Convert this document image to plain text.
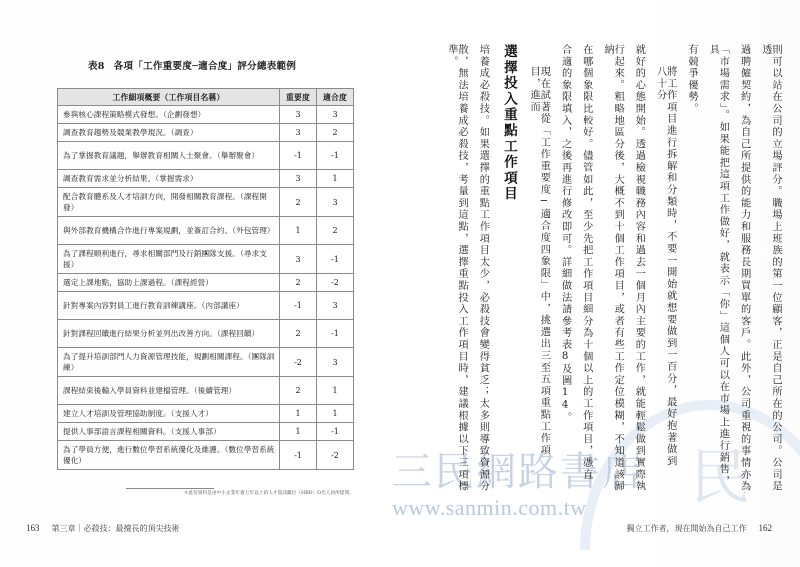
民
表8 各項「工作重要度─適合度」評分總表範例
工作細項概要（工作項目名稱）	重要度	適合度
參與核心課程策略模式發想。（企劃發想）	3	3
調查教育趨勢及競業教學現況。（調查）	3	2
為了掌握教育議題，舉辦教育相關人士聚會。（舉辦聚會）	-1	-1
調查教育需求並分析結果。（掌握需求）	3	1
配合教育體系及人才培訓方向，開發相關教育課程。（課程開發）	2	3
與外部教育機構合作進行專案規劃，並簽訂合約。（外包管理）	1	2
為了課程順利進行，尋求相關部門及行銷團隊支援。（尋求支援）	3	-1
選定上課地點，協助上課過程。（課程經營）	2	-2
針對專案內容對員工進行教育訓練講座。（內部講座）	-1	3
針對課程回饋進行結果分析並列出改善方向。（課程回饋）	2	-1
為了提升培訓部門人力資源管理技能，規劃相關課程。（團隊訓練）	-2	3
課程結束後輸入學員資料並建檔管理。（後續管理）	2	1
建立人才培訓及管理協助制度。（支援人才）	1	1
提供人事部語言課程相關資料。（支援人事部）	1	-1
為了學員方便，進行數位學習系統優化及維護。（數位學習系統優化）	-1	-2
＊此份資料是由中小企業年資七年以上的人才資訊職位（HRD）O氏人員所提問。
163 第三章｜必殺技：最擅長的頂尖技術
散，無法培養成必殺技，考量到這點，選擇重點投入工作項目時，建議根據以下三項標準。	培養成必殺技。如果選擇的重點工作項目太少，必殺技會變得貧乏；太多則導致資源分 選擇投入重點工作項目	現在試著從「工作重要度─適合度四象限」中，挑選出三至五項重點工作項目，進而	合適的象限填入，之後再進行修改即可。詳細做法請參考表8及圖14。 在哪個象限比較好。儘管如此，至少先把工作項目細分為十個以上的工作項目，憑直	行起來。粗略地區分後，大概不到十個工作項目，或者有些工作定位模糊，不知道該歸納	就好的心態開始。透過檢視職務內容和過去一個月內主要的工作，就能輕鬆做到實際執	將工作項目進行拆解和分類時，不要一開始就想要做到一百分，最好抱著做到八十分	有競爭優勢。	「市場需求」。如果能把這項工作做好，就表示「你」這個人可以在市場上進行銷售，具	過聘僱契約，為自己所提供的能力和服務長期買單的客戶。此外，公司重視的事情亦為	則可以站在公司的立場評分。職場上班族的第一位顧客，正是自己所在的公司。公司是透
獨立工作者，現在開始為自己工作 162
三民網路書店
www.sanmin.com.tw
